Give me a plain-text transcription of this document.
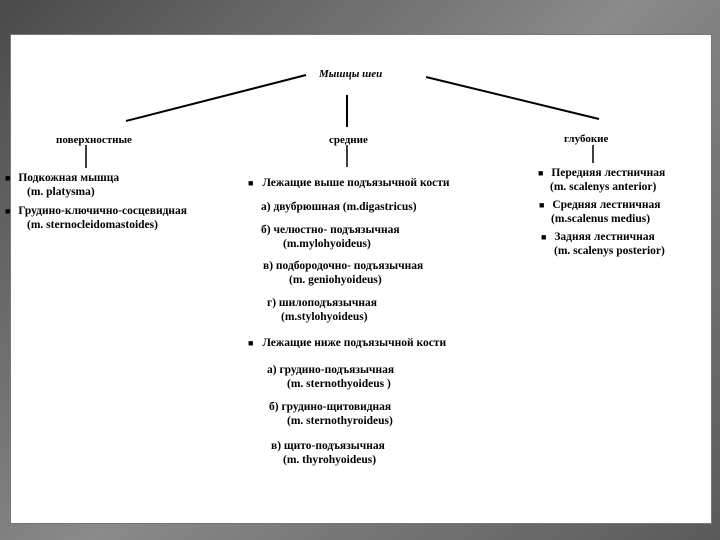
Мышцы шеи
поверхностные	средние	глубокие
■ Подкожная мышца
(m. platysma)
■ Грудино-ключично-сосцевидная
(m. sternocleidomastoides)
■ Лежащие выше подъязычной кости
а) двубрюшная (m.digastricus)
б) челюстно- подъязычная
(m.mylohyoideus)
в) подбородочно- подъязычная
(m. geniohyoideus)
г) шилоподъязычная
(m.stylohyoideus)
■ Лежащие ниже подъязычной кости
а) грудино-подъязычная
(m. sternothyoideus )
б) грудино-щитовидная
(m. sternothyroideus)
в) щито-подъязычная
(m. thyrohyoideus)
■ Передняя лестничная
(m. scalenys anterior)
■ Средняя лестничная
(m.scalenus medius)
■ Задняя лестничная
(m. scalenys posterior)
